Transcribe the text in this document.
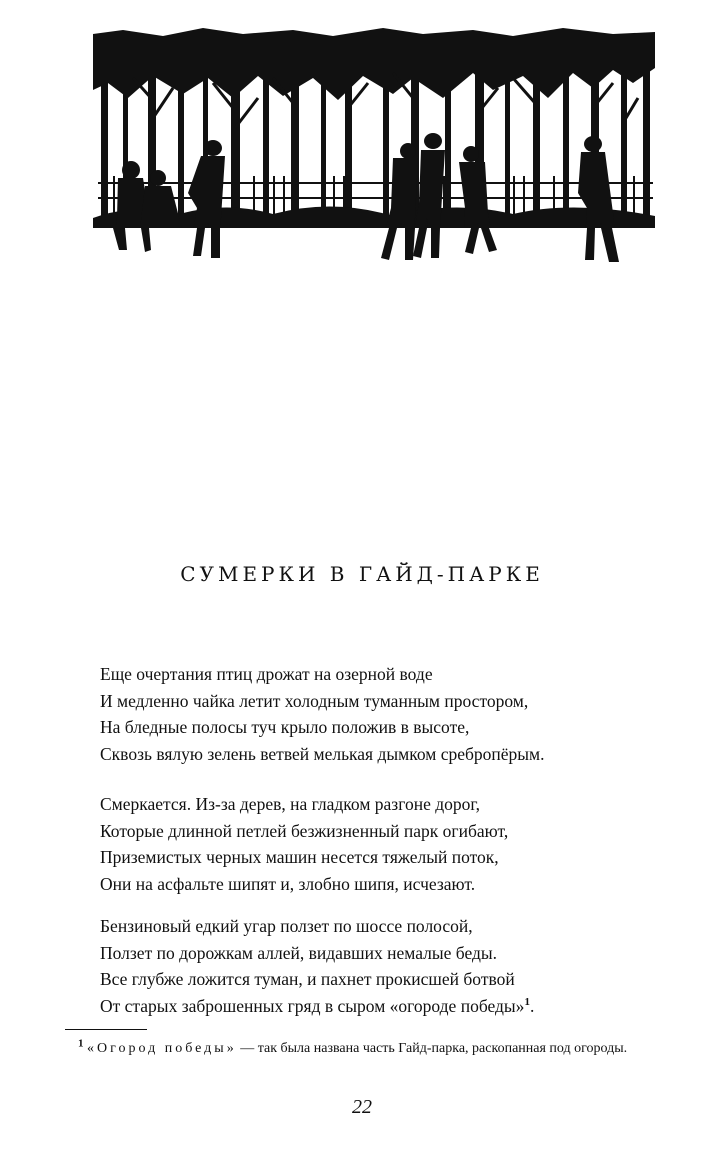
СУМЕРКИ В ГАЙД-ПАРКЕ
Еще очертания птиц дрожат на озерной воде
И медленно чайка летит холодным туманным простором,
На бледные полосы туч крыло положив в высоте,
Сквозь вялую зелень ветвей мелькая дымком сребропёрым.
Смеркается. Из-за дерев, на гладком разгоне дорог,
Которые длинной петлей безжизненный парк огибают,
Приземистых черных машин несется тяжелый поток,
Они на асфальте шипят и, злобно шипя, исчезают.
Бензиновый едкий угар ползет по шоссе полосой,
Ползет по дорожкам аллей, видавших немалые беды.
Все глубже ложится туман, и пахнет прокисшей ботвой
От старых заброшенных гряд в сыром «огороде победы»$^1$.
$^1$ «Огород победы» — так была названа часть Гайд-парка, раскопанная под огороды.
22
